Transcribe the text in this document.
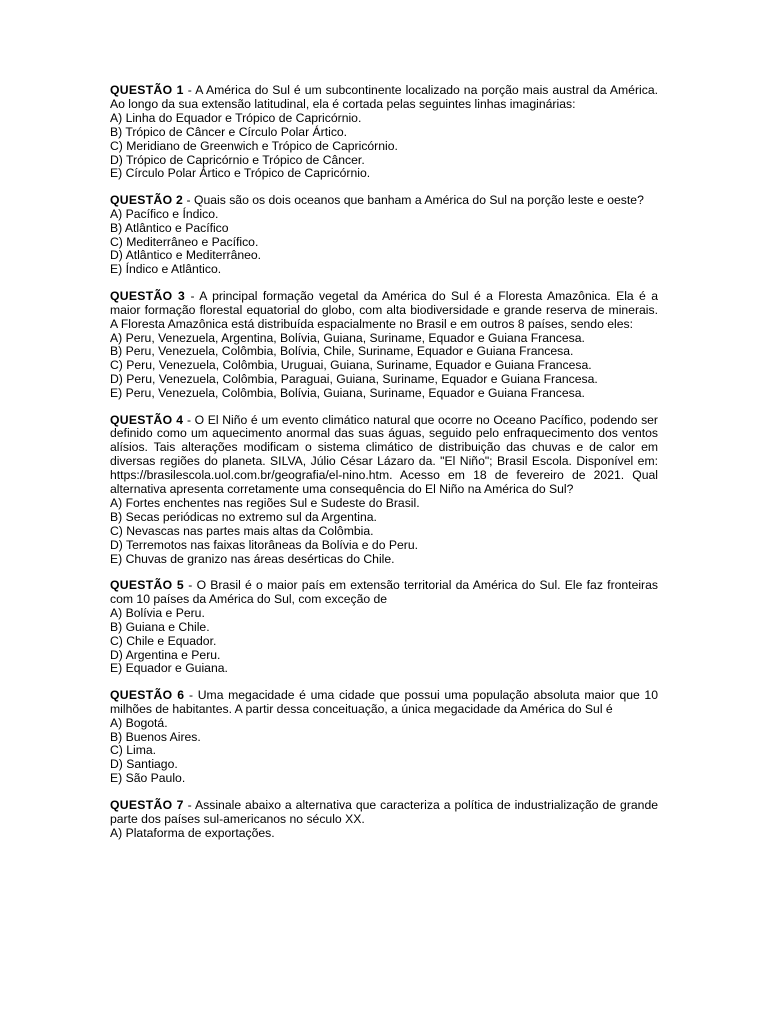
QUESTÃO 1 - A América do Sul é um subcontinente localizado na porção mais austral da América. Ao longo da sua extensão latitudinal, ela é cortada pelas seguintes linhas imaginárias:
A) Linha do Equador e Trópico de Capricórnio.
B) Trópico de Câncer e Círculo Polar Ártico.
C) Meridiano de Greenwich e Trópico de Capricórnio.
D) Trópico de Capricórnio e Trópico de Câncer.
E) Círculo Polar Ártico e Trópico de Capricórnio.
QUESTÃO 2 - Quais são os dois oceanos que banham a América do Sul na porção leste e oeste?
A) Pacífico e Índico.
B) Atlântico e Pacífico
C) Mediterrâneo e Pacífico.
D) Atlântico e Mediterrâneo.
E) Índico e Atlântico.
QUESTÃO 3 - A principal formação vegetal da América do Sul é a Floresta Amazônica. Ela é a maior formação florestal equatorial do globo, com alta biodiversidade e grande reserva de minerais. A Floresta Amazônica está distribuída espacialmente no Brasil e em outros 8 países, sendo eles:
A) Peru, Venezuela, Argentina, Bolívia, Guiana, Suriname, Equador e Guiana Francesa.
B) Peru, Venezuela, Colômbia, Bolívia, Chile, Suriname, Equador e Guiana Francesa.
C) Peru, Venezuela, Colômbia, Uruguai, Guiana, Suriname, Equador e Guiana Francesa.
D) Peru, Venezuela, Colômbia, Paraguai, Guiana, Suriname, Equador e Guiana Francesa.
E) Peru, Venezuela, Colômbia, Bolívia, Guiana, Suriname, Equador e Guiana Francesa.
QUESTÃO 4 - O El Niño é um evento climático natural que ocorre no Oceano Pacífico, podendo ser definido como um aquecimento anormal das suas águas, seguido pelo enfraquecimento dos ventos alísios. Tais alterações modificam o sistema climático de distribuição das chuvas e de calor em diversas regiões do planeta. SILVA, Júlio César Lázaro da. "El Niño"; Brasil Escola. Disponível em: https://brasilescola.uol.com.br/geografia/el-nino.htm. Acesso em 18 de fevereiro de 2021. Qual alternativa apresenta corretamente uma consequência do El Niño na América do Sul?
A) Fortes enchentes nas regiões Sul e Sudeste do Brasil.
B) Secas periódicas no extremo sul da Argentina.
C) Nevascas nas partes mais altas da Colômbia.
D) Terremotos nas faixas litorâneas da Bolívia e do Peru.
E) Chuvas de granizo nas áreas desérticas do Chile.
QUESTÃO 5 - O Brasil é o maior país em extensão territorial da América do Sul. Ele faz fronteiras com 10 países da América do Sul, com exceção de
A) Bolívia e Peru.
B) Guiana e Chile.
C) Chile e Equador.
D) Argentina e Peru.
E) Equador e Guiana.
QUESTÃO 6 - Uma megacidade é uma cidade que possui uma população absoluta maior que 10 milhões de habitantes. A partir dessa conceituação, a única megacidade da América do Sul é
A) Bogotá.
B) Buenos Aires.
C) Lima.
D) Santiago.
E) São Paulo.
QUESTÃO 7 - Assinale abaixo a alternativa que caracteriza a política de industrialização de grande parte dos países sul-americanos no século XX.
A) Plataforma de exportações.
